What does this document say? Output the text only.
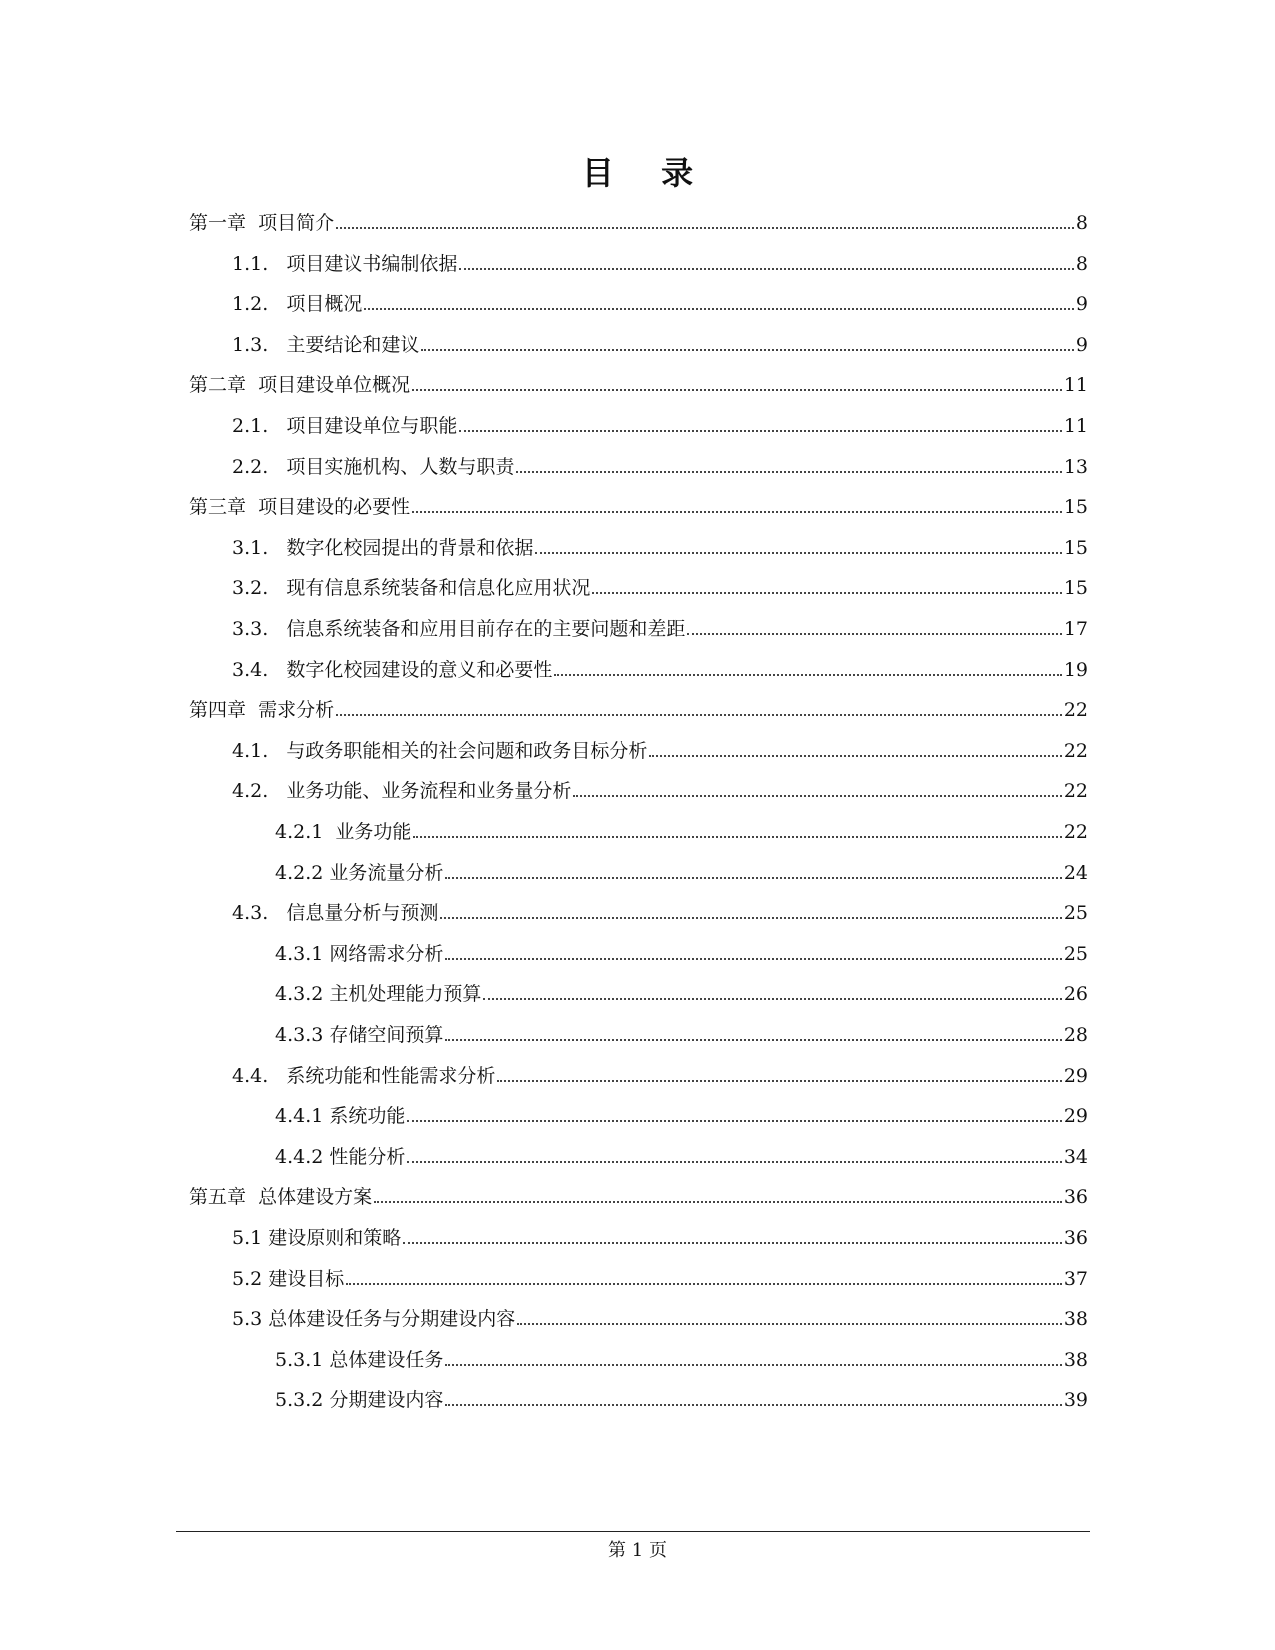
目 录
第一章  项目简介	8
1.1.   项目建议书编制依据	8
1.2.   项目概况	9
1.3.   主要结论和建议	9
第二章  项目建设单位概况	11
2.1.   项目建设单位与职能	11
2.2.   项目实施机构、人数与职责	13
第三章  项目建设的必要性	15
3.1.   数字化校园提出的背景和依据	15
3.2.   现有信息系统装备和信息化应用状况	15
3.3.   信息系统装备和应用目前存在的主要问题和差距	17
3.4.   数字化校园建设的意义和必要性	19
第四章  需求分析	22
4.1.   与政务职能相关的社会问题和政务目标分析	22
4.2.   业务功能、业务流程和业务量分析	22
4.2.1  业务功能	22
4.2.2 业务流量分析	24
4.3.   信息量分析与预测	25
4.3.1 网络需求分析	25
4.3.2 主机处理能力预算	26
4.3.3 存储空间预算	28
4.4.   系统功能和性能需求分析	29
4.4.1 系统功能	29
4.4.2 性能分析	34
第五章  总体建设方案	36
5.1 建设原则和策略	36
5.2 建设目标	37
5.3 总体建设任务与分期建设内容	38
5.3.1 总体建设任务	38
5.3.2 分期建设内容	39
第 1 页
